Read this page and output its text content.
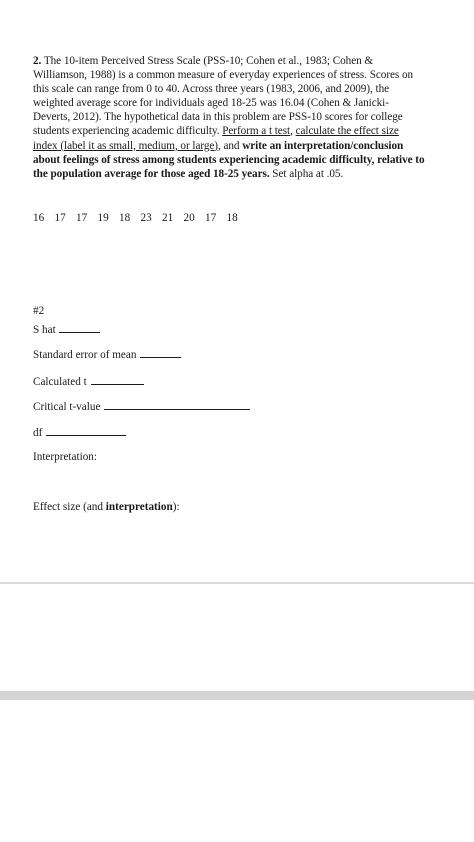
2. The 10-item Perceived Stress Scale (PSS-10; Cohen et al., 1983; Cohen & Williamson, 1988) is a common measure of everyday experiences of stress. Scores on this scale can range from 0 to 40. Across three years (1983, 2006, and 2009), the weighted average score for individuals aged 18-25 was 16.04 (Cohen & Janicki-Deverts, 2012). The hypothetical data in this problem are PSS-10 scores for college students experiencing academic difficulty. Perform a t test, calculate the effect size index (label it as small, medium, or large), and write an interpretation/conclusion about feelings of stress among students experiencing academic difficulty, relative to the population average for those aged 18-25 years. Set alpha at .05.
16 17 17 19 18 23 21 20 17 18
#2
S hat
Standard error of mean
Calculated t
Critical t-value
df
Interpretation:
Effect size (and interpretation):
